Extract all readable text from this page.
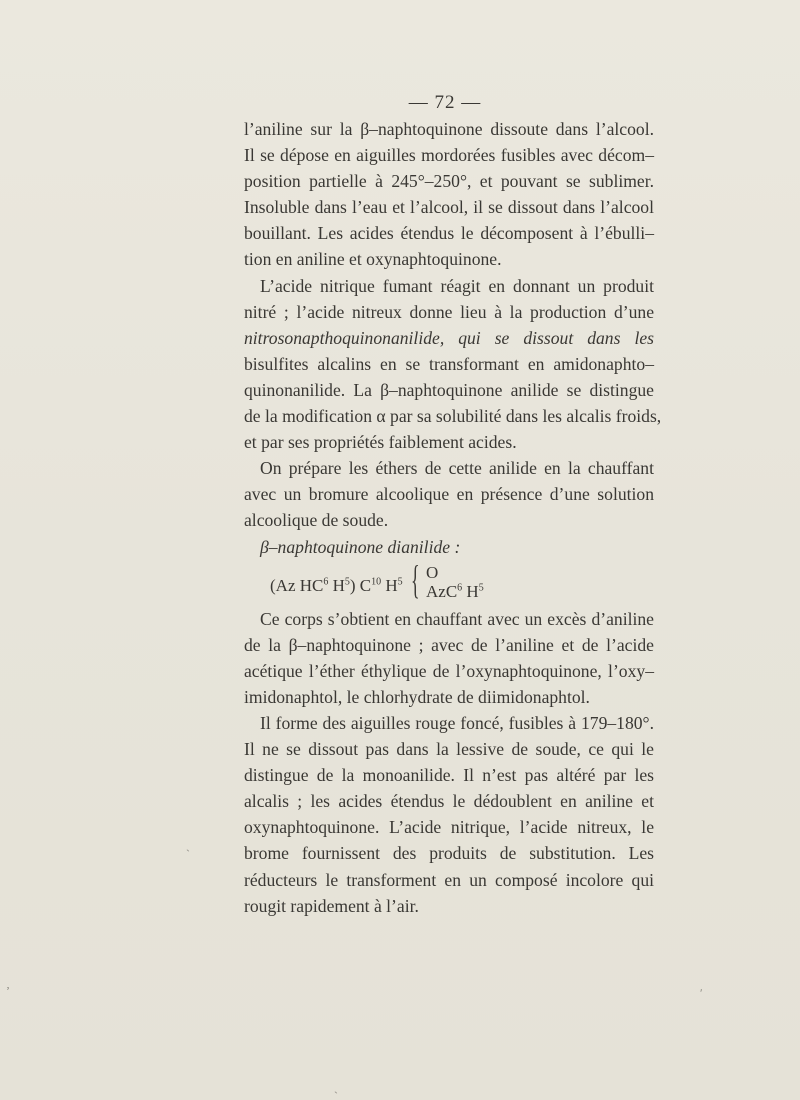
— 72 —

l’aniline sur la β–naphtoquinone dissoute dans l’alcool.
Il se dépose en aiguilles mordorées fusibles avec décom–
position partielle à 245°–250°, et pouvant se sublimer.
Insoluble dans l’eau et l’alcool, il se dissout dans l’alcool
bouillant. Les acides étendus le décomposent à l’ébulli–
tion en aniline et oxynaphtoquinone.

L’acide nitrique fumant réagit en donnant un produit
nitré ; l’acide nitreux donne lieu à la production d’une
nitrosonapthoquinonanilide, qui se dissout dans les
bisulfites alcalins en se transformant en amidonaphto–
quinonanilide. La β–naphtoquinone anilide se distingue
de la modification α par sa solubilité dans les alcalis froids,
et par ses propriétés faiblement acides.

On prépare les éthers de cette anilide en la chauffant
avec un bromure alcoolique en présence d’une solution
alcoolique de soude.

β–naphtoquinone dianilide :

(Az $HC^6$ $H^5$) $C^{10}$ $H^5$ { O
AzC$^6$ $H^5$

Ce corps s’obtient en chauffant avec un excès d’aniline
de la β–naphtoquinone ; avec de l’aniline et de l’acide
acétique l’éther éthylique de l’oxynaphtoquinone, l’oxy–
imidonaphtol, le chlorhydrate de diimidonaphtol.

Il forme des aiguilles rouge foncé, fusibles à 179–180°.
Il ne se dissout pas dans la lessive de soude, ce qui le
distingue de la monoanilide. Il n’est pas altéré par les
alcalis ; les acides étendus le dédoublent en aniline et
oxynaphtoquinone. L’acide nitrique, l’acide nitreux, le
brome fournissent des produits de substitution. Les
réducteurs le transforment en un composé incolore qui
rougit rapidement à l’air.

ˎ
ʼ	ʹ
ˎ
